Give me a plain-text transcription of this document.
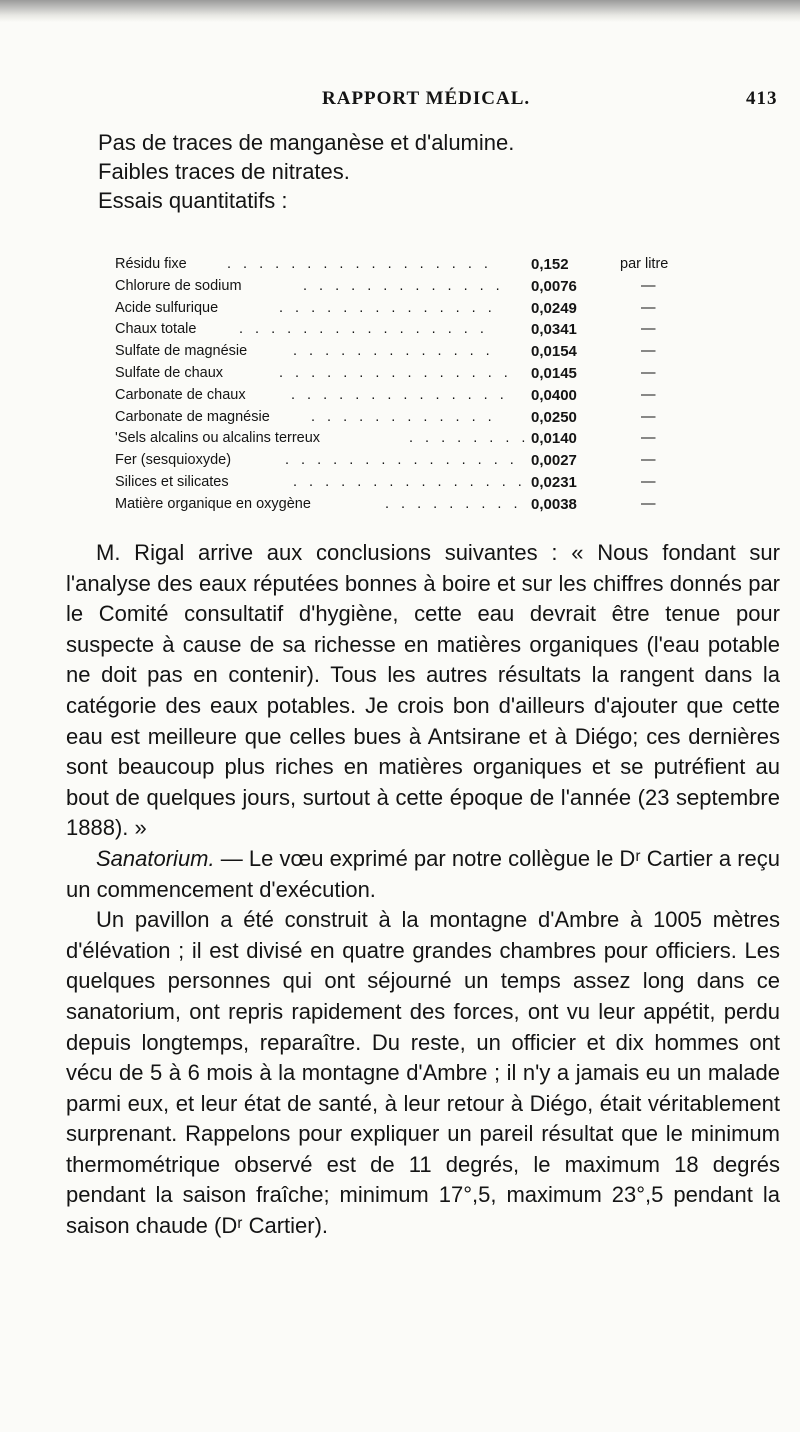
RAPPORT MÉDICAL.	413
Pas de traces de manganèse et d'alumine.
Faibles traces de nitrates.
Essais quantitatifs :
Résidu fixe	. . . . . . . . . . . . . . . . .	0,152	par litre
Chlorure de sodium	. . . . . . . . . . . . . 0,0076	—
Acide sulfurique	. . . . . . . . . . . . . . 0,0249	—
Chaux totale	. . . . . . . . . . . . . . . .	0,0341	—
Sulfate de magnésie	. . . . . . . . . . . . . 0,0154	—
Sulfate de chaux	. . . . . . . . . . . . . . . 0,0145	—
Carbonate de chaux	. . . . . . . . . . . . . . 0,0400	—
Carbonate de magnésie	. . . . . . . . . . . . 0,0250	—
'Sels alcalins ou alcalins terreux	. . . . . . . . 0,0140	—
Fer (sesquioxyde)	. . . . . . . . . . . . . . . 0,0027	—
Silices et silicates	. . . . . . . . . . . . . . . 0,0231	—
Matière organique en oxygène	. . . . . . . . . 0,0038	—

M. Rigal arrive aux conclusions suivantes : « Nous fondant sur l'analyse des eaux réputées bonnes à boire et sur les chiffres donnés par le Comité consultatif d'hygiène, cette eau devrait être tenue pour suspecte à cause de sa richesse en matières organiques (l'eau potable ne doit pas en contenir). Tous les autres résultats la rangent dans la catégorie des eaux potables. Je crois bon d'ailleurs d'ajouter que cette eau est meilleure que celles bues à Antsirane et à Diégo; ces dernières sont beaucoup plus riches en matières organiques et se putréfient au bout de quelques jours, surtout à cette époque de l'année (23 septembre 1888). »

Sanatorium. — Le vœu exprimé par notre collègue le Dʳ Cartier a reçu un commencement d'exécution.

Un pavillon a été construit à la montagne d'Ambre à 1005 mètres d'élévation ; il est divisé en quatre grandes chambres pour officiers. Les quelques personnes qui ont séjourné un temps assez long dans ce sanatorium, ont repris rapidement des forces, ont vu leur appétit, perdu depuis longtemps, reparaître. Du reste, un officier et dix hommes ont vécu de 5 à 6 mois à la montagne d'Ambre ; il n'y a jamais eu un malade parmi eux, et leur état de santé, à leur retour à Diégo, était véritablement surprenant. Rappelons pour expliquer un pareil résultat que le minimum thermométrique observé est de 11 degrés, le maximum 18 degrés pendant la saison fraîche; minimum 17°,5, maximum 23°,5 pendant la saison chaude (Dʳ Cartier).
